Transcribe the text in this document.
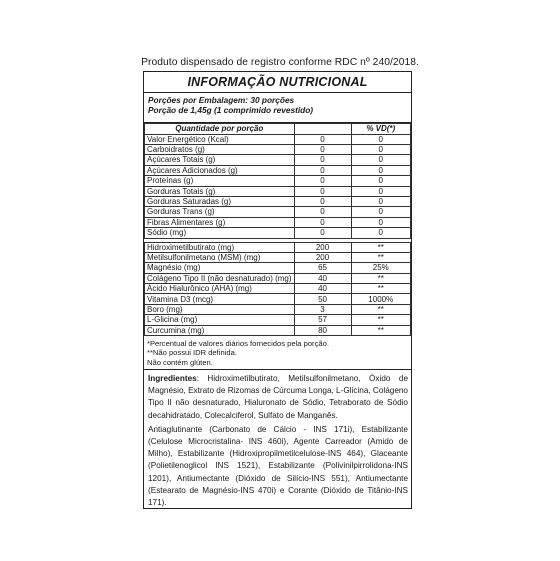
Produto dispensado de registro conforme RDC nº 240/2018.
INFORMAÇÃO NUTRICIONAL
Porções por Embalagem: 30 porções
Porção de 1,45g (1 comprimido revestido)
Quantidade por porção		% VD(*)
Valor Energético (Kcal)	0	0
Carboidratos (g)	0	0
Açúcares Totais (g)	0	0
Açúcares Adicionados (g)	0	0
Proteínas (g)	0	0
Gorduras Totais (g)	0	0
Gorduras Saturadas (g)	0	0
Gorduras Trans (g)	0	0
Fibras Alimentares (g)	0	0
Sódio (mg)	0	0

Hidroximetilbutirato (mg)	200	**
Metilsulfonilmetano (MSM) (mg)	200	**
Magnésio (mg)	65	25%
Colágeno Tipo II (não desnaturado) (mg)	40	**
Ácido Hialurônico (AHA) (mg)	40	**
Vitamina D3 (mcg)	50	1000%
Boro (mg)	3	**
L-Glicina (mg)	57	**
Curcumina (mg)	80	**
*Percentual de valores diários fornecidos pela porção.
**Não possui IDR definida.
Não contém glúten.

Ingredientes: Hidroximetilbutirato, Metilsulfonilmetano, Óxido de Magnésio, Extrato de Rizomas de Cúrcuma Longa, L-Glicina, Colágeno Tipo II não desnaturado, Hialuronato de Sódio, Tetraborato de Sódio decahidratado, Colecalciferol, Sulfato de Manganês.

Antiaglutinante (Carbonato de Cálcio - INS 171i), Estabilizante (Celulose Microcristalina- INS 460i), Agente Carreador (Amido de Milho), Estabilizante (Hidroxipropilmetilcelulose-INS 464), Glaceante (Polietilenoglicol INS 1521), Estabilizante (Polivinilpirrolidona-INS 1201), Antiumectante (Dióxido de Silício-INS 551), Antiumectante (Estearato de Magnésio-INS 470i) e Corante (Dióxido de Titânio-INS 171).
